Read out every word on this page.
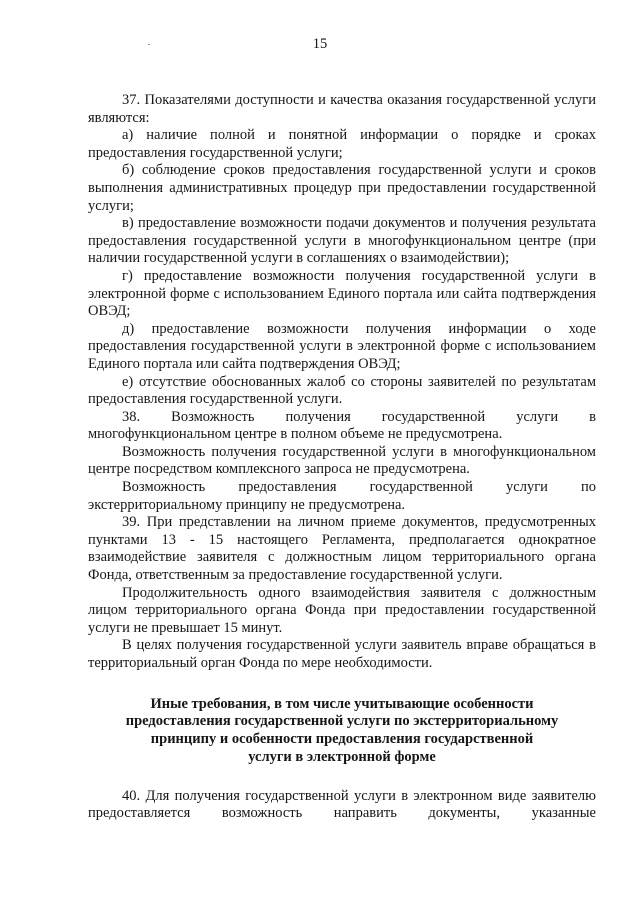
15

37. Показателями доступности и качества оказания государственной услуги являются:

а) наличие полной и понятной информации о порядке и сроках предоставления государственной услуги;

б) соблюдение сроков предоставления государственной услуги и сроков выполнения административных процедур при предоставлении государственной услуги;

в) предоставление возможности подачи документов и получения результата предоставления государственной услуги в многофункциональном центре (при наличии государственной услуги в соглашениях о взаимодействии);

г) предоставление возможности получения государственной услуги в электронной форме с использованием Единого портала или сайта подтверждения ОВЭД;

д) предоставление возможности получения информации о ходе предоставления государственной услуги в электронной форме с использованием Единого портала или сайта подтверждения ОВЭД;

е) отсутствие обоснованных жалоб со стороны заявителей по результатам предоставления государственной услуги.

38. Возможность получения государственной услуги в многофункциональном центре в полном объеме не предусмотрена.

Возможность получения государственной услуги в многофункциональном центре посредством комплексного запроса не предусмотрена.

Возможность предоставления государственной услуги по экстерриториальному принципу не предусмотрена.

39. При представлении на личном приеме документов, предусмотренных пунктами 13 - 15 настоящего Регламента, предполагается однократное взаимодействие заявителя с должностным лицом территориального органа Фонда, ответственным за предоставление государственной услуги.

Продолжительность одного взаимодействия заявителя с должностным лицом территориального органа Фонда при предоставлении государственной услуги не превышает 15 минут.

В целях получения государственной услуги заявитель вправе обращаться в территориальный орган Фонда по мере необходимости.

Иные требования, в том числе учитывающие особенности
предоставления государственной услуги по экстерриториальному
принципу и особенности предоставления государственной
услуги в электронной форме

40. Для получения государственной услуги в электронном виде заявителю предоставляется возможность направить документы, указанные
